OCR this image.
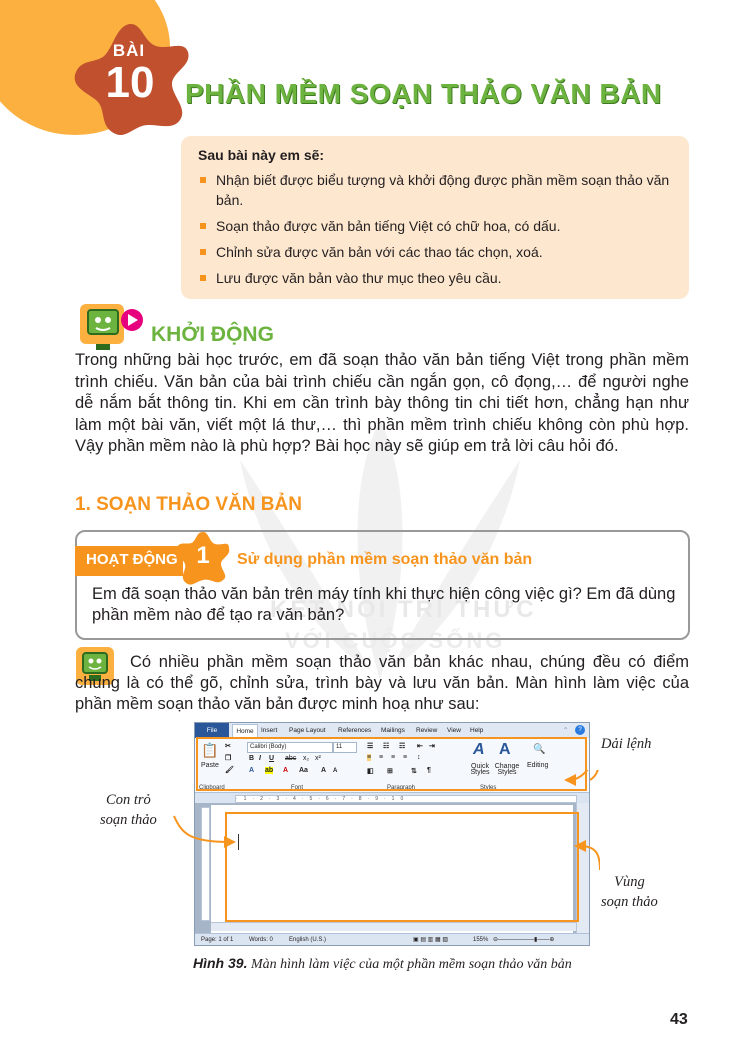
BÀI
10	PHẦN MỀM SOẠN THẢO VĂN BẢN
Sau bài này em sẽ:
Nhận biết được biểu tượng và khởi động được phần mềm soạn thảo văn bản.
Soạn thảo được văn bản tiếng Việt có chữ hoa, có dấu.
Chỉnh sửa được văn bản với các thao tác chọn, xoá.
Lưu được văn bản vào thư mục theo yêu cầu.
KẾT NỐI TRI THỨC
VỚI CUỘC SỐNG
KHỞI ĐỘNG
Trong những bài học trước, em đã soạn thảo văn bản tiếng Việt trong phần mềm trình chiếu. Văn bản của bài trình chiếu cần ngắn gọn, cô đọng,… để người nghe dễ nắm bắt thông tin. Khi em cần trình bày thông tin chi tiết hơn, chẳng hạn như làm một bài văn, viết một lá thư,… thì phần mềm trình chiếu không còn phù hợp. Vậy phần mềm nào là phù hợp? Bài học này sẽ giúp em trả lời câu hỏi đó.
1. SOẠN THẢO VĂN BẢN
HOẠT ĐỘNG 1	Sử dụng phần mềm soạn thảo văn bản
Em đã soạn thảo văn bản trên máy tính khi thực hiện công việc gì? Em đã dùng phần mềm nào để tạo ra văn bản?
Có nhiều phần mềm soạn thảo văn bản khác nhau, chúng đều có điểm chung là có thể gõ, chỉnh sửa, trình bày và lưu văn bản. Màn hình làm việc của phần mềm soạn thảo văn bản được minh hoạ như sau:
File	Home	Insert Page Layout References Mailings Review View Help	⌃	?
📋
Paste
✂
❐
🖌
Clipboard
Calibri (Body)	11
B I U abc x₂ x²
A ab A Aa A A
Font
☰ ☷ ☶ ⇤ ⇥
≡ ≡ ≡ ≡ ↕
◧ ⊞	⇅ ¶
Paragraph
A
Quick Styles
A
Change Styles
Styles
🔍
Editing
·1·2·3·4·5·6·7·8·9·10
Page: 1 of 1	Words: 0	English (U.S.)	▣ ▤ ▥ ▦ ▧	155% ⊖——————▮——⊕
Dải lệnh
Con trỏ
soạn thảo
Vùng
soạn thảo
Hình 39. Màn hình làm việc của một phần mềm soạn thảo văn bản
43
